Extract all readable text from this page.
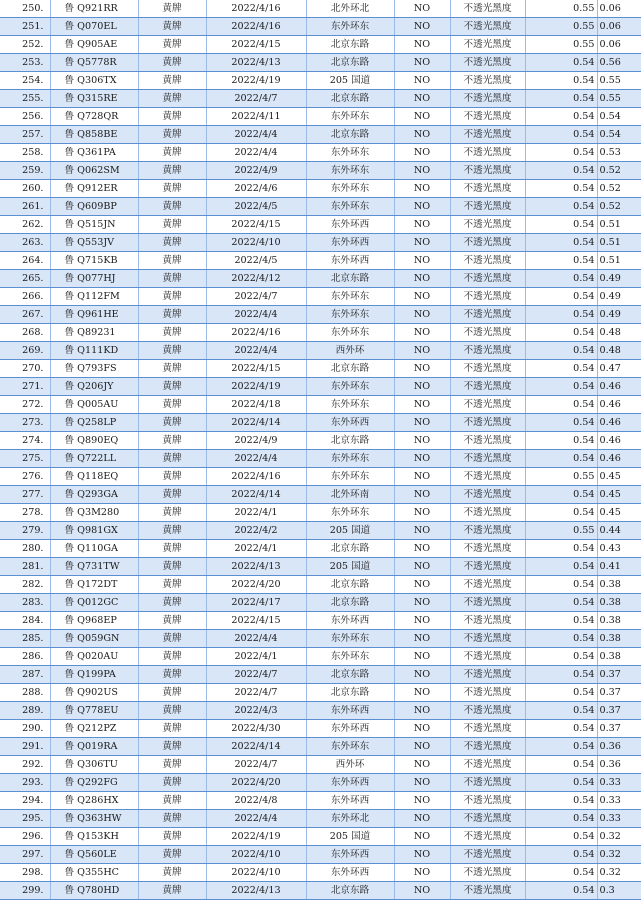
250.	鲁 Q921RR	黄牌	2022/4/16	北外环北	NO	不透光黑度	0.55	0.06
251.	鲁 Q070EL	黄牌	2022/4/16	东外环东	NO	不透光黑度	0.55	0.06
252.	鲁 Q905AE	黄牌	2022/4/15	北京东路	NO	不透光黑度	0.55	0.06
253.	鲁 Q5778R	黄牌	2022/4/13	北京东路	NO	不透光黑度	0.54	0.56
254.	鲁 Q306TX	黄牌	2022/4/19	205 国道	NO	不透光黑度	0.54	0.55
255.	鲁 Q315RE	黄牌	2022/4/7	北京东路	NO	不透光黑度	0.54	0.55
256.	鲁 Q728QR	黄牌	2022/4/11	东外环东	NO	不透光黑度	0.54	0.54
257.	鲁 Q858BE	黄牌	2022/4/4	北京东路	NO	不透光黑度	0.54	0.54
258.	鲁 Q361PA	黄牌	2022/4/4	东外环东	NO	不透光黑度	0.54	0.53
259.	鲁 Q062SM	黄牌	2022/4/9	东外环东	NO	不透光黑度	0.54	0.52
260.	鲁 Q912ER	黄牌	2022/4/6	东外环东	NO	不透光黑度	0.54	0.52
261.	鲁 Q609BP	黄牌	2022/4/5	东外环东	NO	不透光黑度	0.54	0.52
262.	鲁 Q515JN	黄牌	2022/4/15	东外环西	NO	不透光黑度	0.54	0.51
263.	鲁 Q553JV	黄牌	2022/4/10	东外环西	NO	不透光黑度	0.54	0.51
264.	鲁 Q715KB	黄牌	2022/4/5	东外环西	NO	不透光黑度	0.54	0.51
265.	鲁 Q077HJ	黄牌	2022/4/12	北京东路	NO	不透光黑度	0.54	0.49
266.	鲁 Q112FM	黄牌	2022/4/7	东外环东	NO	不透光黑度	0.54	0.49
267.	鲁 Q961HE	黄牌	2022/4/4	东外环东	NO	不透光黑度	0.54	0.49
268.	鲁 Q89231	黄牌	2022/4/16	东外环东	NO	不透光黑度	0.54	0.48
269.	鲁 Q111KD	黄牌	2022/4/4	西外环	NO	不透光黑度	0.54	0.48
270.	鲁 Q793FS	黄牌	2022/4/15	北京东路	NO	不透光黑度	0.54	0.47
271.	鲁 Q206JY	黄牌	2022/4/19	东外环东	NO	不透光黑度	0.54	0.46
272.	鲁 Q005AU	黄牌	2022/4/18	东外环东	NO	不透光黑度	0.54	0.46
273.	鲁 Q258LP	黄牌	2022/4/14	东外环西	NO	不透光黑度	0.54	0.46
274.	鲁 Q890EQ	黄牌	2022/4/9	北京东路	NO	不透光黑度	0.54	0.46
275.	鲁 Q722LL	黄牌	2022/4/4	东外环东	NO	不透光黑度	0.54	0.46
276.	鲁 Q118EQ	黄牌	2022/4/16	东外环东	NO	不透光黑度	0.55	0.45
277.	鲁 Q293GA	黄牌	2022/4/14	北外环南	NO	不透光黑度	0.54	0.45
278.	鲁 Q3M280	黄牌	2022/4/1	东外环东	NO	不透光黑度	0.54	0.45
279.	鲁 Q981GX	黄牌	2022/4/2	205 国道	NO	不透光黑度	0.55	0.44
280.	鲁 Q110GA	黄牌	2022/4/1	北京东路	NO	不透光黑度	0.54	0.43
281.	鲁 Q731TW	黄牌	2022/4/13	205 国道	NO	不透光黑度	0.54	0.41
282.	鲁 Q172DT	黄牌	2022/4/20	北京东路	NO	不透光黑度	0.54	0.38
283.	鲁 Q012GC	黄牌	2022/4/17	北京东路	NO	不透光黑度	0.54	0.38
284.	鲁 Q968EP	黄牌	2022/4/15	东外环西	NO	不透光黑度	0.54	0.38
285.	鲁 Q059GN	黄牌	2022/4/4	东外环东	NO	不透光黑度	0.54	0.38
286.	鲁 Q020AU	黄牌	2022/4/1	东外环东	NO	不透光黑度	0.54	0.38
287.	鲁 Q199PA	黄牌	2022/4/7	北京东路	NO	不透光黑度	0.54	0.37
288.	鲁 Q902US	黄牌	2022/4/7	北京东路	NO	不透光黑度	0.54	0.37
289.	鲁 Q778EU	黄牌	2022/4/3	东外环西	NO	不透光黑度	0.54	0.37
290.	鲁 Q212PZ	黄牌	2022/4/30	东外环西	NO	不透光黑度	0.54	0.37
291.	鲁 Q019RA	黄牌	2022/4/14	东外环东	NO	不透光黑度	0.54	0.36
292.	鲁 Q306TU	黄牌	2022/4/7	西外环	NO	不透光黑度	0.54	0.36
293.	鲁 Q292FG	黄牌	2022/4/20	东外环西	NO	不透光黑度	0.54	0.33
294.	鲁 Q286HX	黄牌	2022/4/8	东外环西	NO	不透光黑度	0.54	0.33
295.	鲁 Q363HW	黄牌	2022/4/4	东外环北	NO	不透光黑度	0.54	0.33
296.	鲁 Q153KH	黄牌	2022/4/19	205 国道	NO	不透光黑度	0.54	0.32
297.	鲁 Q560LE	黄牌	2022/4/10	东外环西	NO	不透光黑度	0.54	0.32
298.	鲁 Q355HC	黄牌	2022/4/10	东外环西	NO	不透光黑度	0.54	0.32
299.	鲁 Q780HD	黄牌	2022/4/13	北京东路	NO	不透光黑度	0.54	0.3
